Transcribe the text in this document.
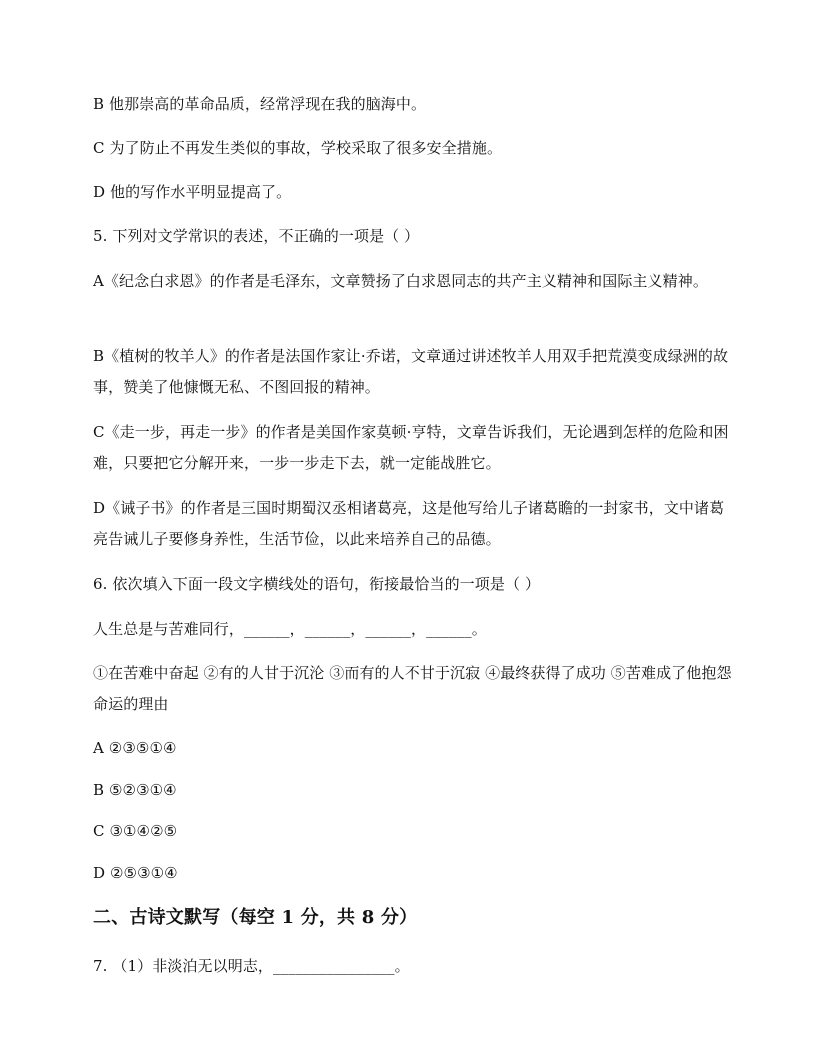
B 他那崇高的革命品质，经常浮现在我的脑海中。
C 为了防止不再发生类似的事故，学校采取了很多安全措施。
D 他的写作水平明显提高了。
5. 下列对文学常识的表述，不正确的一项是（ ）
A《纪念白求恩》的作者是毛泽东，文章赞扬了白求恩同志的共产主义精神和国际主义精神。
B《植树的牧羊人》的作者是法国作家让·乔诺，文章通过讲述牧羊人用双手把荒漠变成绿洲的故事，赞美了他慷慨无私、不图回报的精神。
C《走一步，再走一步》的作者是美国作家莫顿·亨特，文章告诉我们，无论遇到怎样的危险和困难，只要把它分解开来，一步一步走下去，就一定能战胜它。
D《诫子书》的作者是三国时期蜀汉丞相诸葛亮，这是他写给儿子诸葛瞻的一封家书，文中诸葛亮告诫儿子要修身养性，生活节俭，以此来培养自己的品德。
6. 依次填入下面一段文字横线处的语句，衔接最恰当的一项是（ ）
人生总是与苦难同行，______，______，______，______。
①在苦难中奋起 ②有的人甘于沉沦 ③而有的人不甘于沉寂 ④最终获得了成功 ⑤苦难成了他抱怨命运的理由
A ②③⑤①④
B ⑤②③①④
C ③①④②⑤
D ②⑤③①④
二、古诗文默写（每空 1 分，共 8 分）
7. （1）非淡泊无以明志，________________。
